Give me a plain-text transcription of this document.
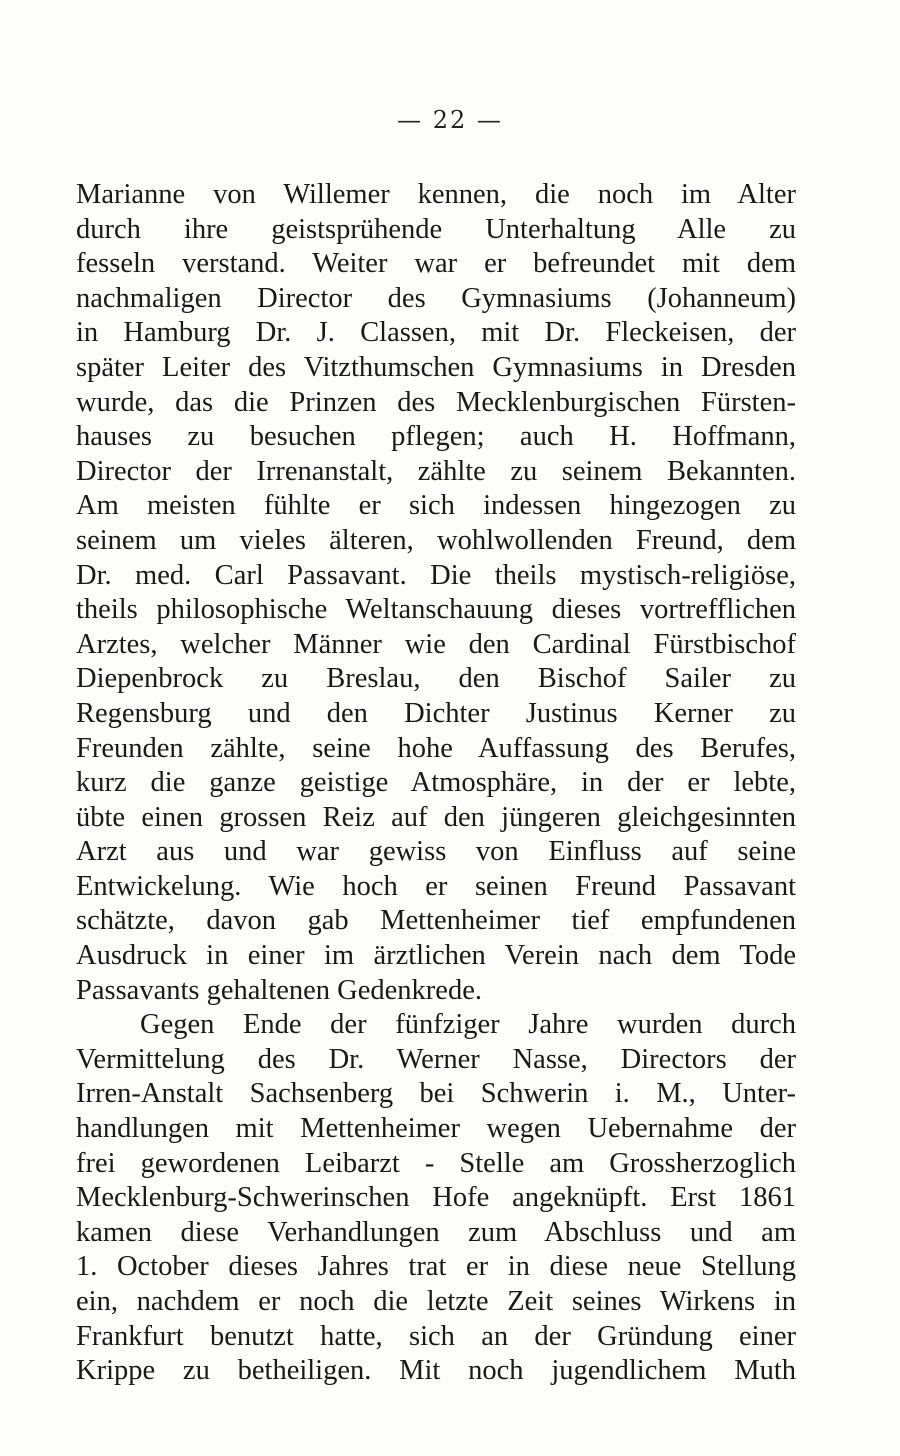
— 22 —
Marianne von Willemer kennen, die noch im Alter
durch ihre geistsprühende Unterhaltung Alle zu
fesseln verstand. Weiter war er befreundet mit dem
nachmaligen Director des Gymnasiums (Johanneum)
in Hamburg Dr. J. Classen, mit Dr. Fleckeisen, der
später Leiter des Vitzthumschen Gymnasiums in Dresden
wurde, das die Prinzen des Mecklenburgischen Fürsten-
hauses zu besuchen pflegen; auch H. Hoffmann,
Director der Irrenanstalt, zählte zu seinem Bekannten.
Am meisten fühlte er sich indessen hingezogen zu
seinem um vieles älteren, wohlwollenden Freund, dem
Dr. med. Carl Passavant. Die theils mystisch-religiöse,
theils philosophische Weltanschauung dieses vortrefflichen
Arztes, welcher Männer wie den Cardinal Fürstbischof
Diepenbrock zu Breslau, den Bischof Sailer zu
Regensburg und den Dichter Justinus Kerner zu
Freunden zählte, seine hohe Auffassung des Berufes,
kurz die ganze geistige Atmosphäre, in der er lebte,
übte einen grossen Reiz auf den jüngeren gleichgesinnten
Arzt aus und war gewiss von Einfluss auf seine
Entwickelung. Wie hoch er seinen Freund Passavant
schätzte, davon gab Mettenheimer tief empfundenen
Ausdruck in einer im ärztlichen Verein nach dem Tode
Passavants gehaltenen Gedenkrede.
Gegen Ende der fünfziger Jahre wurden durch
Vermittelung des Dr. Werner Nasse, Directors der
Irren-Anstalt Sachsenberg bei Schwerin i. M., Unter-
handlungen mit Mettenheimer wegen Uebernahme der
frei gewordenen Leibarzt - Stelle am Grossherzoglich
Mecklenburg-Schwerinschen Hofe angeknüpft. Erst 1861
kamen diese Verhandlungen zum Abschluss und am
1. October dieses Jahres trat er in diese neue Stellung
ein, nachdem er noch die letzte Zeit seines Wirkens in
Frankfurt benutzt hatte, sich an der Gründung einer
Krippe zu betheiligen. Mit noch jugendlichem Muth
